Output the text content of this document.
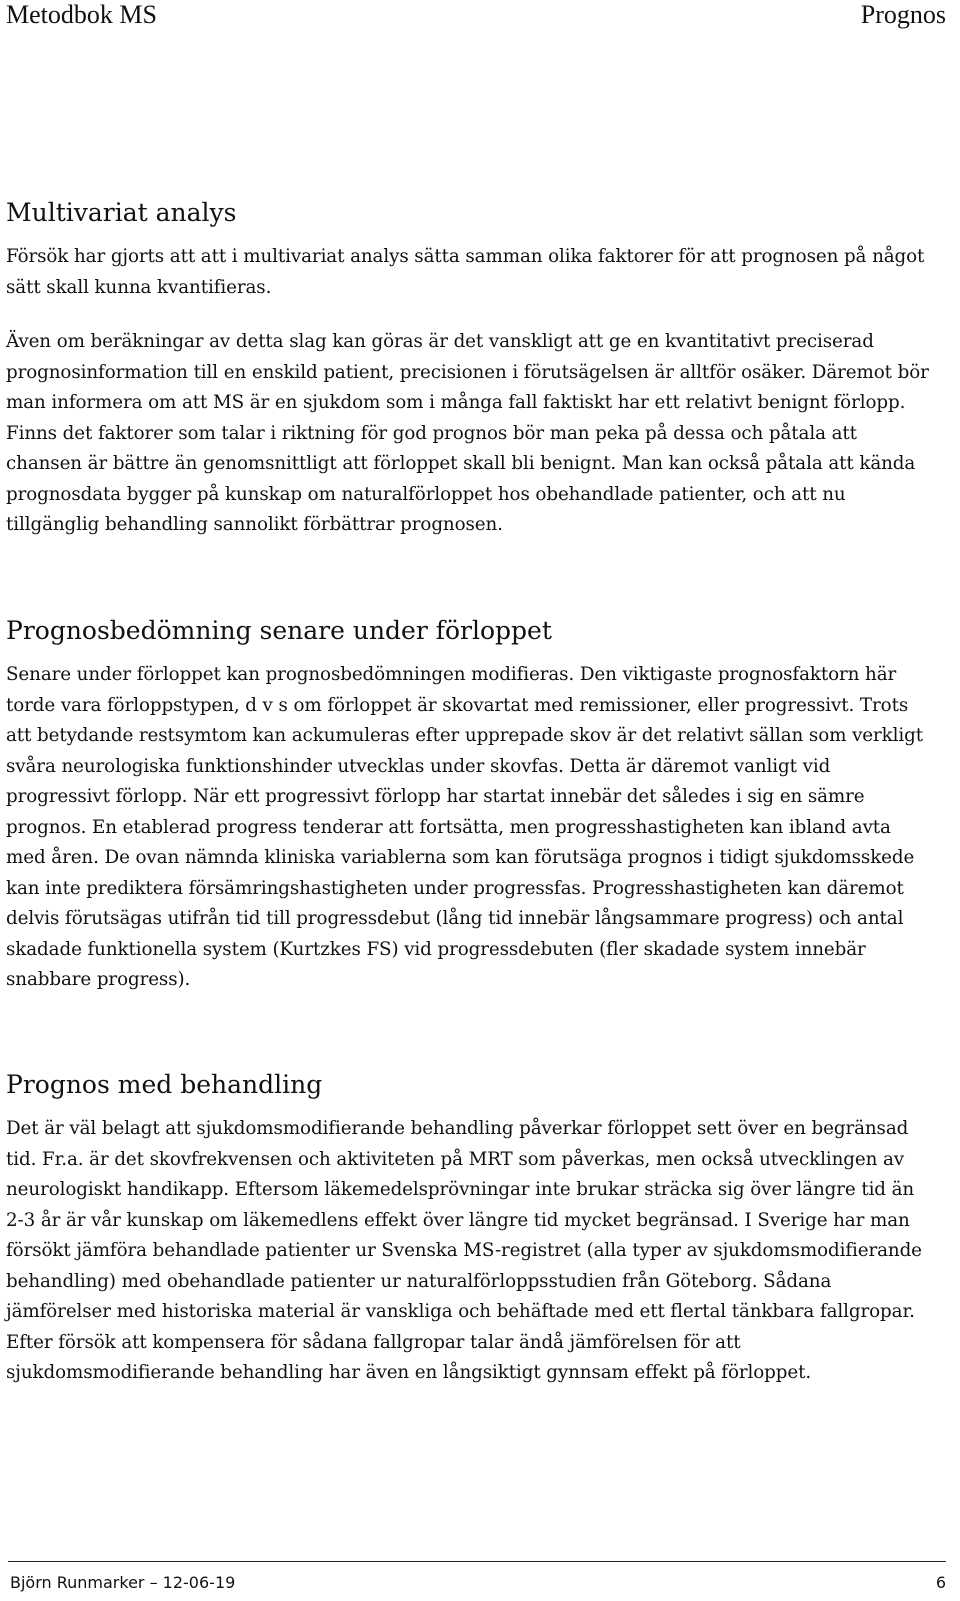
Metodbok MS	Prognos
Multivariat analys

Försök har gjorts att att i multivariat analys sätta samman olika faktorer för att prognosen på något sätt skall kunna kvantifieras.

Även om beräkningar av detta slag kan göras är det vanskligt att ge en kvantitativt preciserad prognosinformation till en enskild patient, precisionen i förutsägelsen är alltför osäker. Däremot bör man informera om att MS är en sjukdom som i många fall faktiskt har ett relativt benignt förlopp. Finns det faktorer som talar i riktning för god prognos bör man peka på dessa och påtala att chansen är bättre än genomsnittligt att förloppet skall bli benignt. Man kan också påtala att kända prognosdata bygger på kunskap om naturalförloppet hos obehandlade patienter, och att nu tillgänglig behandling sannolikt förbättrar prognosen.

Prognosbedömning senare under förloppet

Senare under förloppet kan prognosbedömningen modifieras. Den viktigaste prognosfaktorn här torde vara förloppstypen, d v s om förloppet är skovartat med remissioner, eller progressivt. Trots att betydande restsymtom kan ackumuleras efter upprepade skov är det relativt sällan som verkligt svåra neurologiska funktionshinder utvecklas under skovfas. Detta är däremot vanligt vid progressivt förlopp. När ett progressivt förlopp har startat innebär det således i sig en sämre prognos. En etablerad progress tenderar att fortsätta, men progresshastigheten kan ibland avta med åren. De ovan nämnda kliniska variablerna som kan förutsäga prognos i tidigt sjukdomsskede kan inte prediktera försämringshastigheten under progressfas. Progresshastigheten kan däremot delvis förutsägas utifrån tid till progressdebut (lång tid innebär långsammare progress) och antal skadade funktionella system (Kurtzkes FS) vid progressdebuten (fler skadade system innebär snabbare progress).

Prognos med behandling

Det är väl belagt att sjukdomsmodifierande behandling påverkar förloppet sett över en begränsad tid. Fr.a. är det skovfrekvensen och aktiviteten på MRT som påverkas, men också utvecklingen av neurologiskt handikapp. Eftersom läkemedelsprövningar inte brukar sträcka sig över längre tid än 2-3 år är vår kunskap om läkemedlens effekt över längre tid mycket begränsad. I Sverige har man försökt jämföra behandlade patienter ur Svenska MS-registret (alla typer av sjukdomsmodifierande behandling) med obehandlade patienter ur naturalförloppsstudien från Göteborg. Sådana jämförelser med historiska material är vanskliga och behäftade med ett flertal tänkbara fallgropar. Efter försök att kompensera för sådana fallgropar talar ändå jämförelsen för att sjukdomsmodifierande behandling har även en långsiktigt gynnsam effekt på förloppet.

Björn Runmarker – 12-06-19	6
